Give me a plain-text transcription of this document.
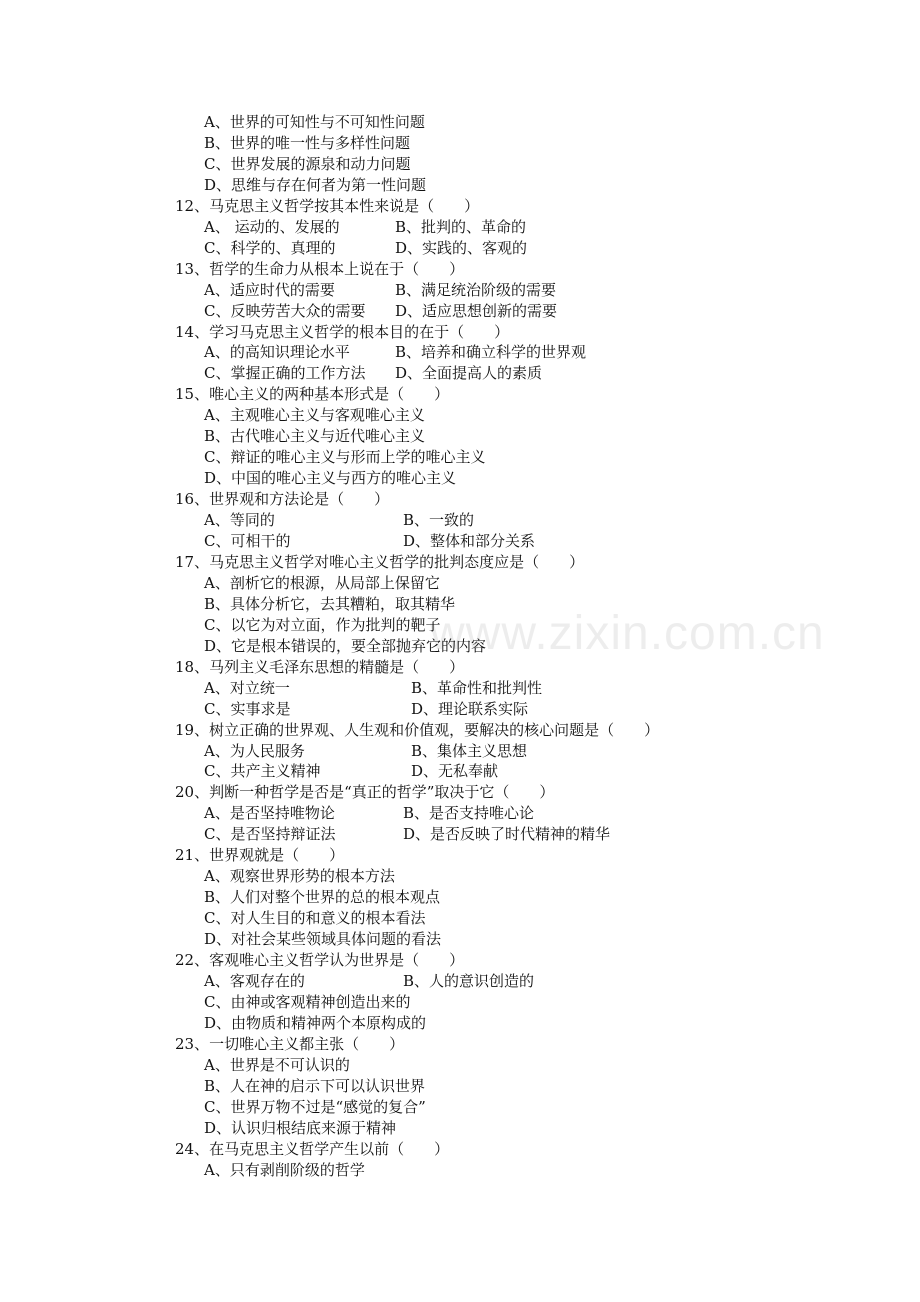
www.zixin.com.cn
A、世界的可知性与不可知性问题
B、世界的唯一性与多样性问题
C、世界发展的源泉和动力问题
D、思维与存在何者为第一性问题
12、马克思主义哲学按其本性来说是（　　）
A、 运动的、发展的	B、批判的、革命的
C、科学的、真理的	D、实践的、客观的
13、哲学的生命力从根本上说在于（　　）
A、适应时代的需要	B、满足统治阶级的需要
C、反映劳苦大众的需要 D、适应思想创新的需要
14、学习马克思主义哲学的根本目的在于（　　）
A、的高知识理论水平	B、培养和确立科学的世界观
C、掌握正确的工作方法 D、全面提高人的素质
15、唯心主义的两种基本形式是（　　）
A、主观唯心主义与客观唯心主义
B、古代唯心主义与近代唯心主义
C、辩证的唯心主义与形而上学的唯心主义
D、中国的唯心主义与西方的唯心主义
16、世界观和方法论是（　　）
A、等同的	B、一致的
C、可相干的	D、整体和部分关系
17、马克思主义哲学对唯心主义哲学的批判态度应是（　　）
A、剖析它的根源，从局部上保留它
B、具体分析它，去其糟粕，取其精华
C、以它为对立面，作为批判的靶子
D、它是根本错误的，要全部抛弃它的内容
18、马列主义毛泽东思想的精髓是（　　）
A、对立统一	B、革命性和批判性
C、实事求是	D、理论联系实际
19、树立正确的世界观、人生观和价值观，要解决的核心问题是（　　）
A、为人民服务	B、集体主义思想
C、共产主义精神	D、无私奉献
20、判断一种哲学是否是“真正的哲学”取决于它（　　）
A、是否坚持唯物论	B、是否支持唯心论
C、是否坚持辩证法	D、是否反映了时代精神的精华
21、世界观就是（　　）
A、观察世界形势的根本方法
B、人们对整个世界的总的根本观点
C、对人生目的和意义的根本看法
D、对社会某些领域具体问题的看法
22、客观唯心主义哲学认为世界是（　　）
A、客观存在的	B、人的意识创造的
C、由神或客观精神创造出来的
D、由物质和精神两个本原构成的
23、一切唯心主义都主张（　　）
A、世界是不可认识的
B、人在神的启示下可以认识世界
C、世界万物不过是“感觉的复合”
D、认识归根结底来源于精神
24、在马克思主义哲学产生以前（　　）
A、只有剥削阶级的哲学
